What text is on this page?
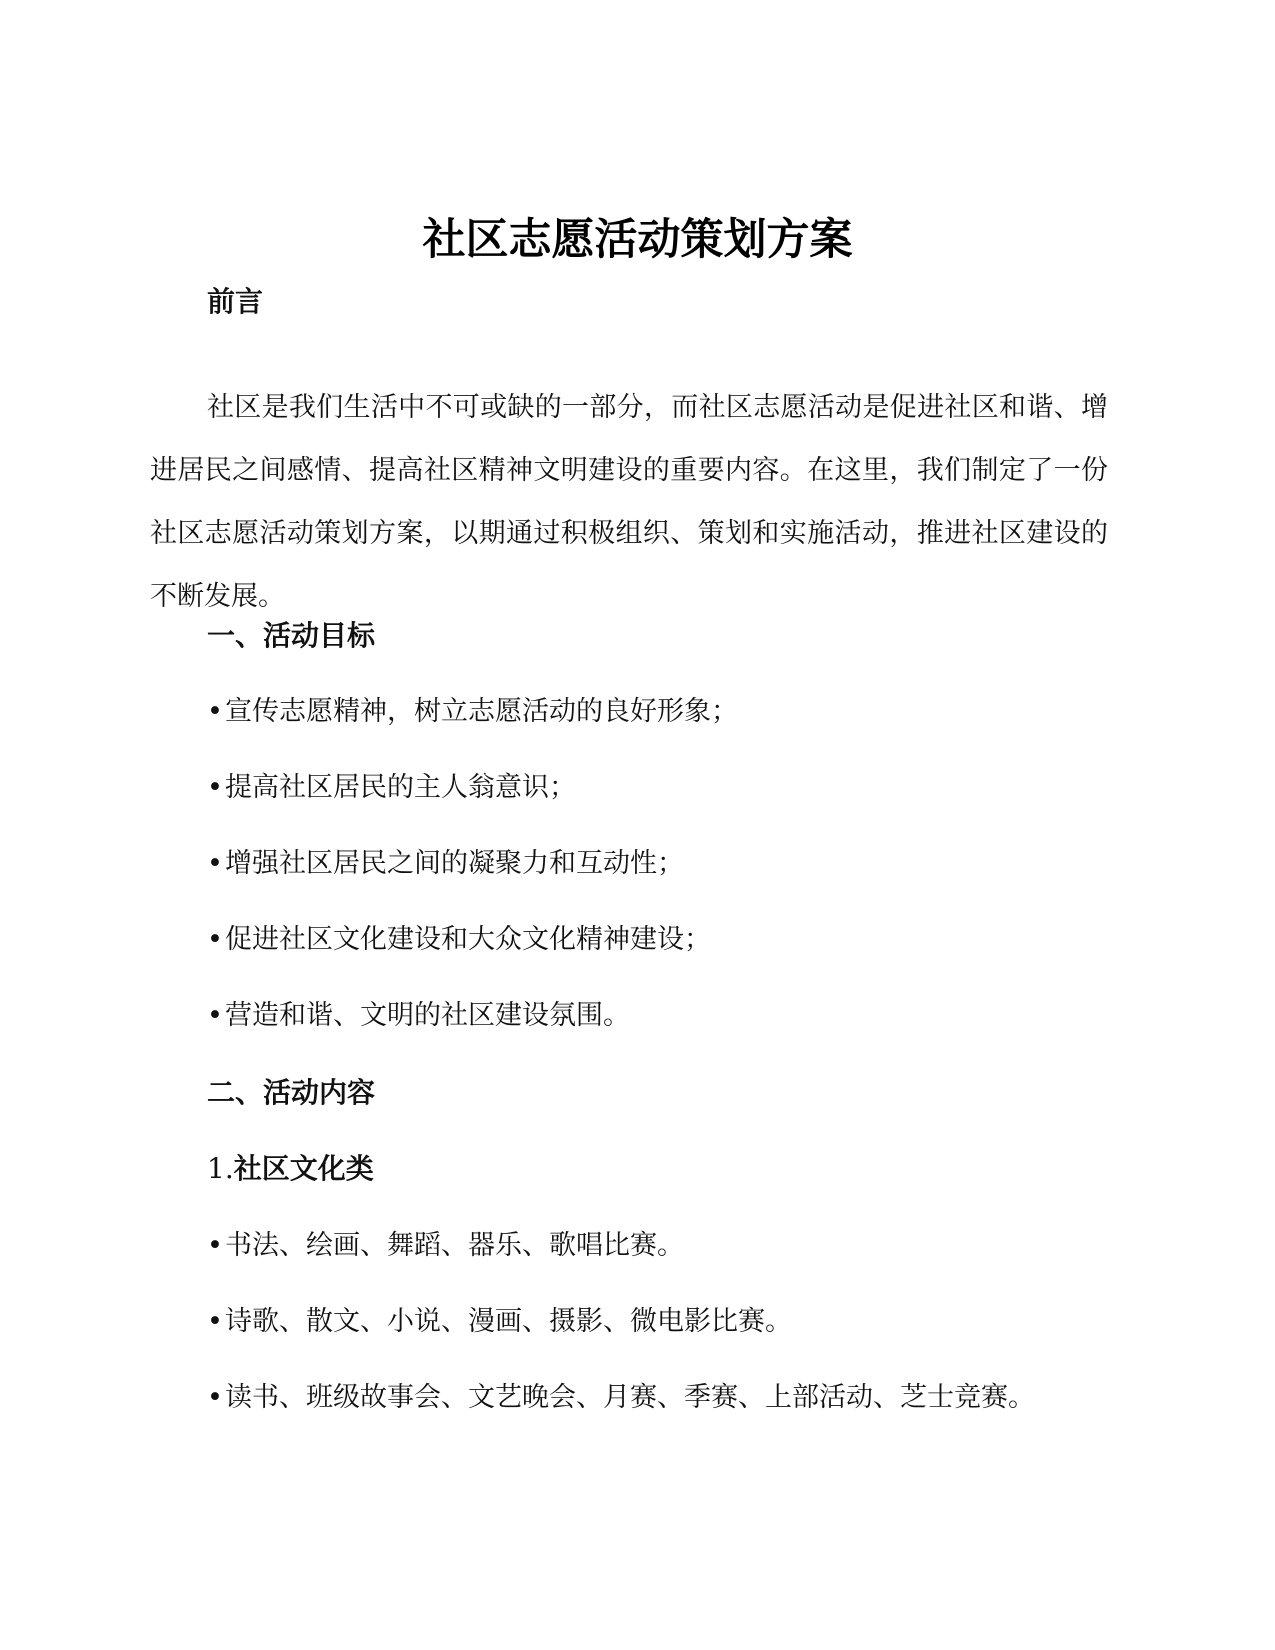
社区志愿活动策划方案
前言
社区是我们生活中不可或缺的一部分，而社区志愿活动是促进社区和谐、增进居民之间感情、提高社区精神文明建设的重要内容。在这里，我们制定了一份社区志愿活动策划方案，以期通过积极组织、策划和实施活动，推进社区建设的不断发展。
一、活动目标
•宣传志愿精神，树立志愿活动的良好形象；
•提高社区居民的主人翁意识；
•增强社区居民之间的凝聚力和互动性；
•促进社区文化建设和大众文化精神建设；
•营造和谐、文明的社区建设氛围。
二、活动内容
1.社区文化类
•书法、绘画、舞蹈、器乐、歌唱比赛。
•诗歌、散文、小说、漫画、摄影、微电影比赛。
•读书、班级故事会、文艺晚会、月赛、季赛、上部活动、芝士竞赛。
